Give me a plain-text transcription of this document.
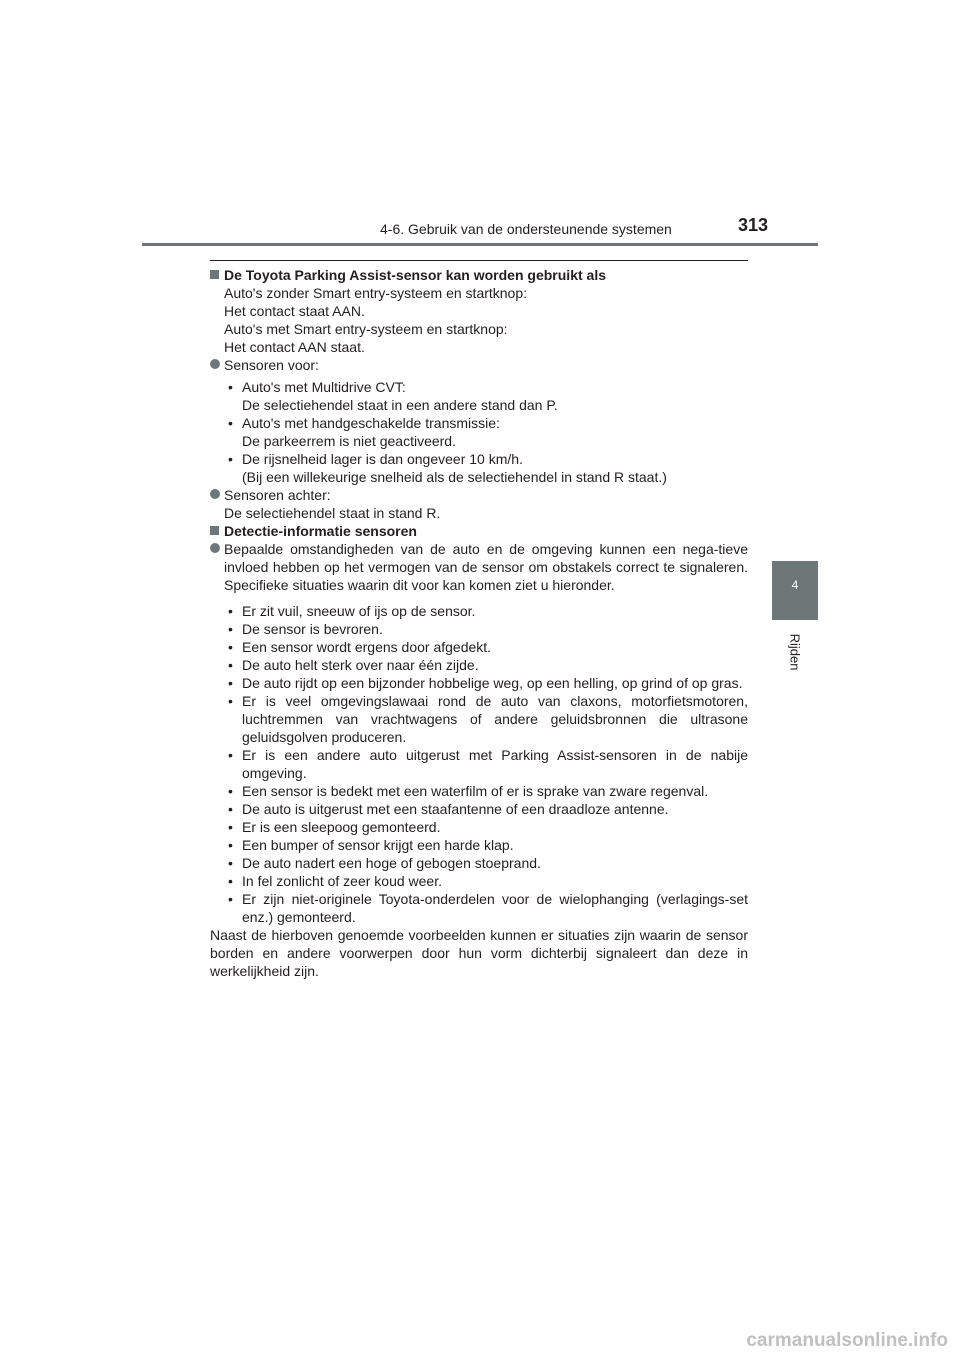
4-6. Gebruik van de ondersteunende systemen	313
4
Rijden

De Toyota Parking Assist-sensor kan worden gebruikt als

Auto's zonder Smart entry-systeem en startknop:
Het contact staat AAN.

Auto's met Smart entry-systeem en startknop:
Het contact AAN staat.

Sensoren voor:

• Auto's met Multidrive CVT:
De selectiehendel staat in een andere stand dan P.
• Auto's met handgeschakelde transmissie:
De parkeerrem is niet geactiveerd.
• De rijsnelheid lager is dan ongeveer 10 km/h.
(Bij een willekeurige snelheid als de selectiehendel in stand R staat.)

Sensoren achter:
De selectiehendel staat in stand R.

Detectie-informatie sensoren

Bepaalde omstandigheden van de auto en de omgeving kunnen een nega-tieve invloed hebben op het vermogen van de sensor om obstakels correct te signaleren. Specifieke situaties waarin dit voor kan komen ziet u hieronder.

• Er zit vuil, sneeuw of ijs op de sensor.
• De sensor is bevroren.
• Een sensor wordt ergens door afgedekt.
• De auto helt sterk over naar één zijde.
• De auto rijdt op een bijzonder hobbelige weg, op een helling, op grind of op gras.
• Er is veel omgevingslawaai rond de auto van claxons, motorfietsmotoren, luchtremmen van vrachtwagens of andere geluidsbronnen die ultrasone geluidsgolven produceren.
• Er is een andere auto uitgerust met Parking Assist-sensoren in de nabije omgeving.
• Een sensor is bedekt met een waterfilm of er is sprake van zware regenval.
• De auto is uitgerust met een staafantenne of een draadloze antenne.
• Er is een sleepoog gemonteerd.
• Een bumper of sensor krijgt een harde klap.
• De auto nadert een hoge of gebogen stoeprand.
• In fel zonlicht of zeer koud weer.
• Er zijn niet-originele Toyota-onderdelen voor de wielophanging (verlagings-set enz.) gemonteerd.

Naast de hierboven genoemde voorbeelden kunnen er situaties zijn waarin de sensor borden en andere voorwerpen door hun vorm dichterbij signaleert dan deze in werkelijkheid zijn.

carmanualsonline.info
